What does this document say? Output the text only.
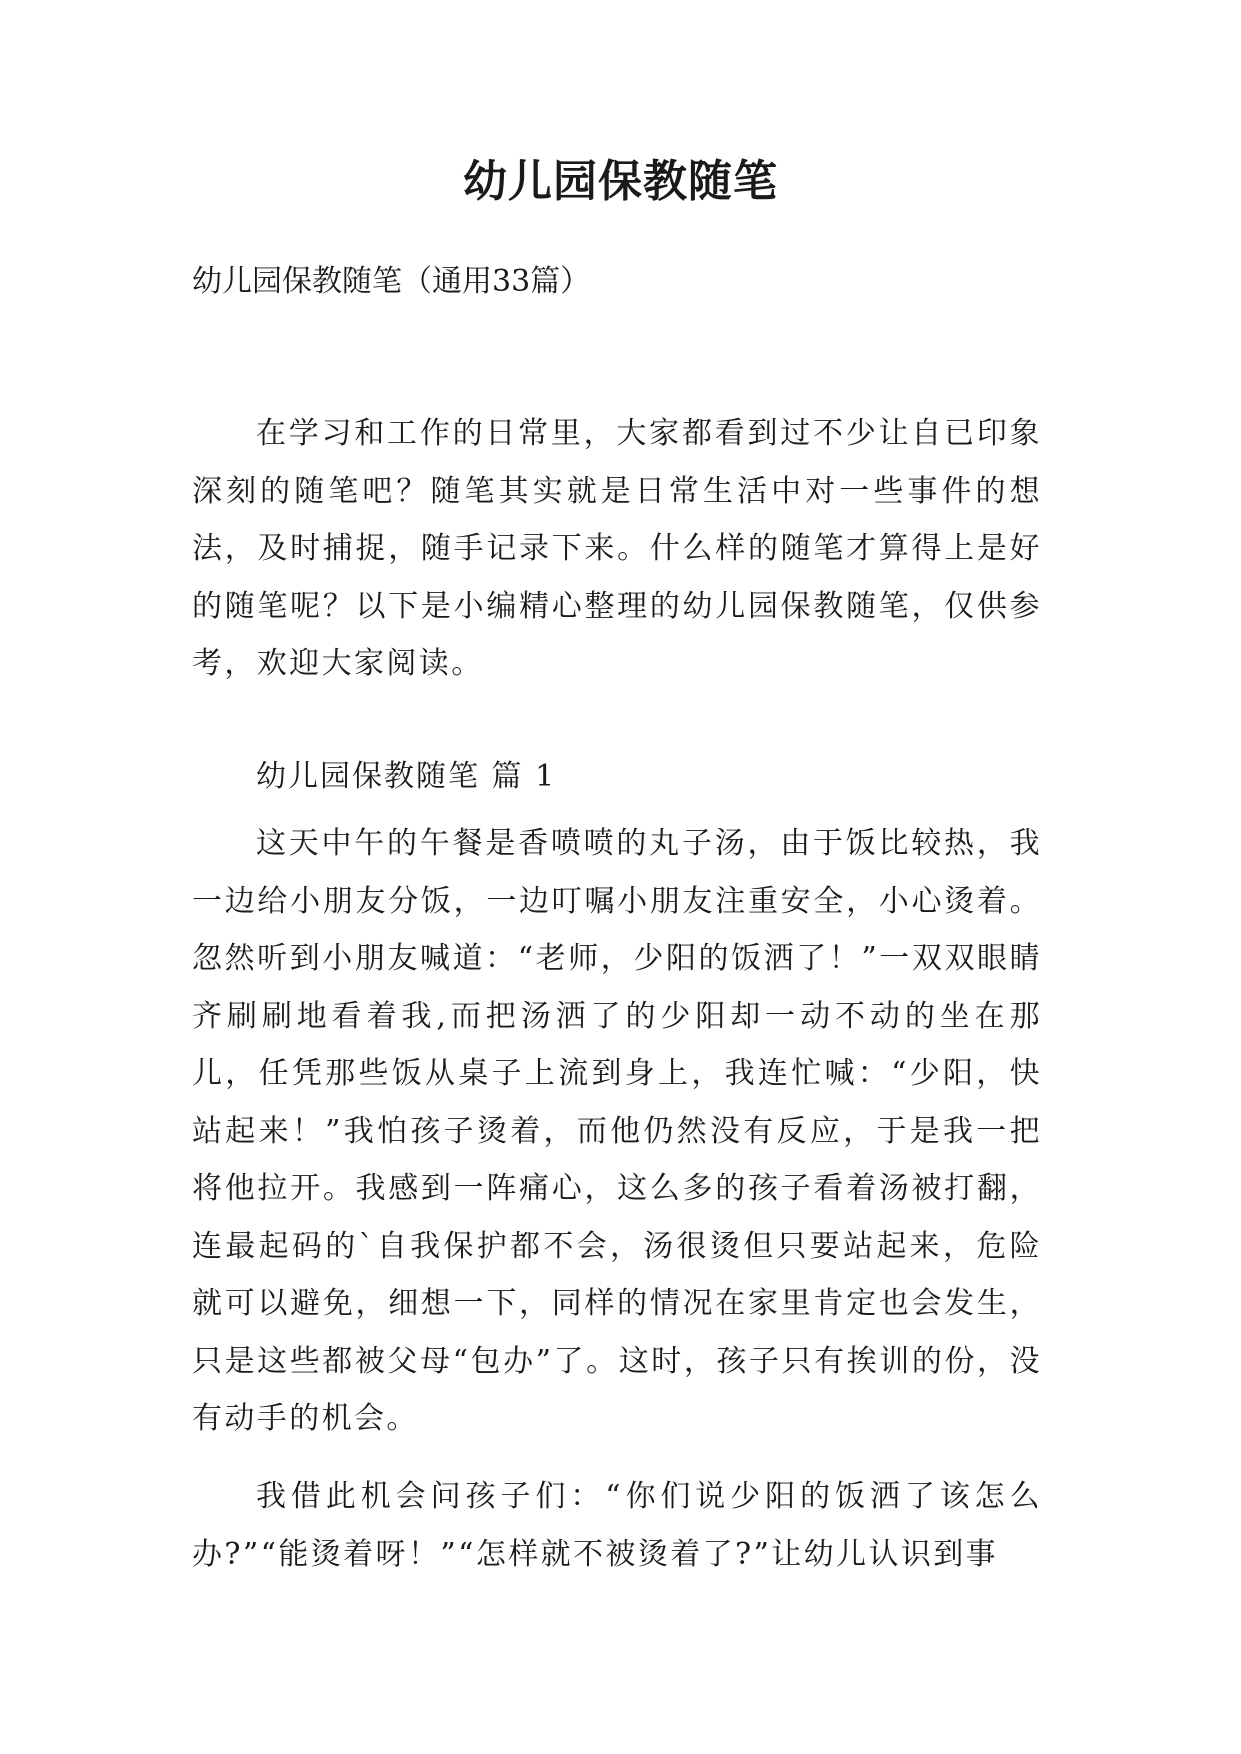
幼儿园保教随笔

幼儿园保教随笔（通用33篇）

在学习和工作的日常里，大家都看到过不少让自已印象深刻的随笔吧？随笔其实就是日常生活中对一些事件的想法，及时捕捉，随手记录下来。什么样的随笔才算得上是好的随笔呢？以下是小编精心整理的幼儿园保教随笔，仅供参考，欢迎大家阅读。

幼儿园保教随笔 篇 1

这天中午的午餐是香喷喷的丸子汤，由于饭比较热，我一边给小朋友分饭，一边叮嘱小朋友注重安全，小心烫着。忽然听到小朋友喊道：“老师，少阳的饭洒了！”一双双眼睛齐刷刷地看着我,而把汤洒了的少阳却一动不动的坐在那儿，任凭那些饭从桌子上流到身上，我连忙喊：“少阳，快站起来！”我怕孩子烫着，而他仍然没有反应，于是我一把将他拉开。我感到一阵痛心，这么多的孩子看着汤被打翻，连最起码的`自我保护都不会，汤很烫但只要站起来，危险就可以避免，细想一下，同样的情况在家里肯定也会发生，只是这些都被父母“包办”了。这时，孩子只有挨训的份，没有动手的机会。

我借此机会问孩子们：“你们说少阳的饭洒了该怎么办?”“能烫着呀！”“怎样就不被烫着了?”让幼儿认识到事
